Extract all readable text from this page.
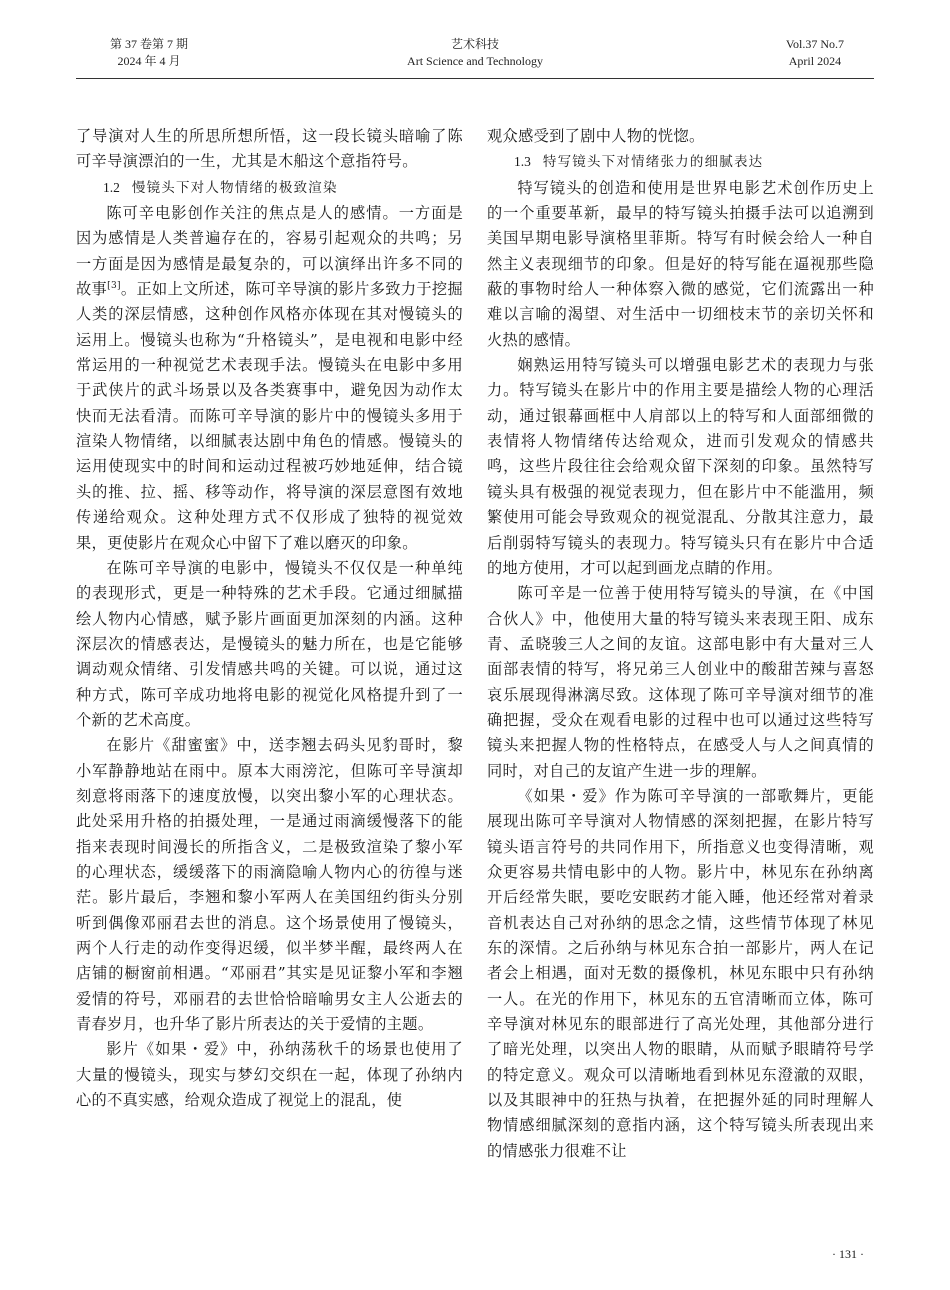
第 37 卷第 7 期
2024 年 4 月
艺术科技
Art Science and Technology
Vol.37 No.7
April 2024

了导演对人生的所思所想所悟，这一段长镜头暗喻了陈可辛导演漂泊的一生，尤其是木船这个意指符号。

1.2 慢镜头下对人物情绪的极致渲染

陈可辛电影创作关注的焦点是人的感情。一方面是因为感情是人类普遍存在的，容易引起观众的共鸣；另一方面是因为感情是最复杂的，可以演绎出许多不同的故事[3]。正如上文所述，陈可辛导演的影片多致力于挖掘人类的深层情感，这种创作风格亦体现在其对慢镜头的运用上。慢镜头也称为“升格镜头”，是电视和电影中经常运用的一种视觉艺术表现手法。慢镜头在电影中多用于武侠片的武斗场景以及各类赛事中，避免因为动作太快而无法看清。而陈可辛导演的影片中的慢镜头多用于渲染人物情绪，以细腻表达剧中角色的情感。慢镜头的运用使现实中的时间和运动过程被巧妙地延伸，结合镜头的推、拉、摇、移等动作，将导演的深层意图有效地传递给观众。这种处理方式不仅形成了独特的视觉效果，更使影片在观众心中留下了难以磨灭的印象。

在陈可辛导演的电影中，慢镜头不仅仅是一种单纯的表现形式，更是一种特殊的艺术手段。它通过细腻描绘人物内心情感，赋予影片画面更加深刻的内涵。这种深层次的情感表达，是慢镜头的魅力所在，也是它能够调动观众情绪、引发情感共鸣的关键。可以说，通过这种方式，陈可辛成功地将电影的视觉化风格提升到了一个新的艺术高度。

在影片《甜蜜蜜》中，送李翘去码头见豹哥时，黎小军静静地站在雨中。原本大雨滂沱，但陈可辛导演却刻意将雨落下的速度放慢，以突出黎小军的心理状态。此处采用升格的拍摄处理，一是通过雨滴缓慢落下的能指来表现时间漫长的所指含义，二是极致渲染了黎小军的心理状态，缓缓落下的雨滴隐喻人物内心的彷徨与迷茫。影片最后，李翘和黎小军两人在美国纽约街头分别听到偶像邓丽君去世的消息。这个场景使用了慢镜头，两个人行走的动作变得迟缓，似半梦半醒，最终两人在店铺的橱窗前相遇。“邓丽君”其实是见证黎小军和李翘爱情的符号，邓丽君的去世恰恰暗喻男女主人公逝去的青春岁月，也升华了影片所表达的关于爱情的主题。

影片《如果・爱》中，孙纳荡秋千的场景也使用了大量的慢镜头，现实与梦幻交织在一起，体现了孙纳内心的不真实感，给观众造成了视觉上的混乱，使

观众感受到了剧中人物的恍惚。

1.3 特写镜头下对情绪张力的细腻表达

特写镜头的创造和使用是世界电影艺术创作历史上的一个重要革新，最早的特写镜头拍摄手法可以追溯到美国早期电影导演格里菲斯。特写有时候会给人一种自然主义表现细节的印象。但是好的特写能在逼视那些隐蔽的事物时给人一种体察入微的感觉，它们流露出一种难以言喻的渴望、对生活中一切细枝末节的亲切关怀和火热的感情。

娴熟运用特写镜头可以增强电影艺术的表现力与张力。特写镜头在影片中的作用主要是描绘人物的心理活动，通过银幕画框中人肩部以上的特写和人面部细微的表情将人物情绪传达给观众，进而引发观众的情感共鸣，这些片段往往会给观众留下深刻的印象。虽然特写镜头具有极强的视觉表现力，但在影片中不能滥用，频繁使用可能会导致观众的视觉混乱、分散其注意力，最后削弱特写镜头的表现力。特写镜头只有在影片中合适的地方使用，才可以起到画龙点睛的作用。

陈可辛是一位善于使用特写镜头的导演，在《中国合伙人》中，他使用大量的特写镜头来表现王阳、成东青、孟晓骏三人之间的友谊。这部电影中有大量对三人面部表情的特写，将兄弟三人创业中的酸甜苦辣与喜怒哀乐展现得淋漓尽致。这体现了陈可辛导演对细节的准确把握，受众在观看电影的过程中也可以通过这些特写镜头来把握人物的性格特点，在感受人与人之间真情的同时，对自己的友谊产生进一步的理解。

《如果・爱》作为陈可辛导演的一部歌舞片，更能展现出陈可辛导演对人物情感的深刻把握，在影片特写镜头语言符号的共同作用下，所指意义也变得清晰，观众更容易共情电影中的人物。影片中，林见东在孙纳离开后经常失眠，要吃安眠药才能入睡，他还经常对着录音机表达自己对孙纳的思念之情，这些情节体现了林见东的深情。之后孙纳与林见东合拍一部影片，两人在记者会上相遇，面对无数的摄像机，林见东眼中只有孙纳一人。在光的作用下，林见东的五官清晰而立体，陈可辛导演对林见东的眼部进行了高光处理，其他部分进行了暗光处理，以突出人物的眼睛，从而赋予眼睛符号学的特定意义。观众可以清晰地看到林见东澄澈的双眼，以及其眼神中的狂热与执着，在把握外延的同时理解人物情感细腻深刻的意指内涵，这个特写镜头所表现出来的情感张力很难不让

· 131 ·
